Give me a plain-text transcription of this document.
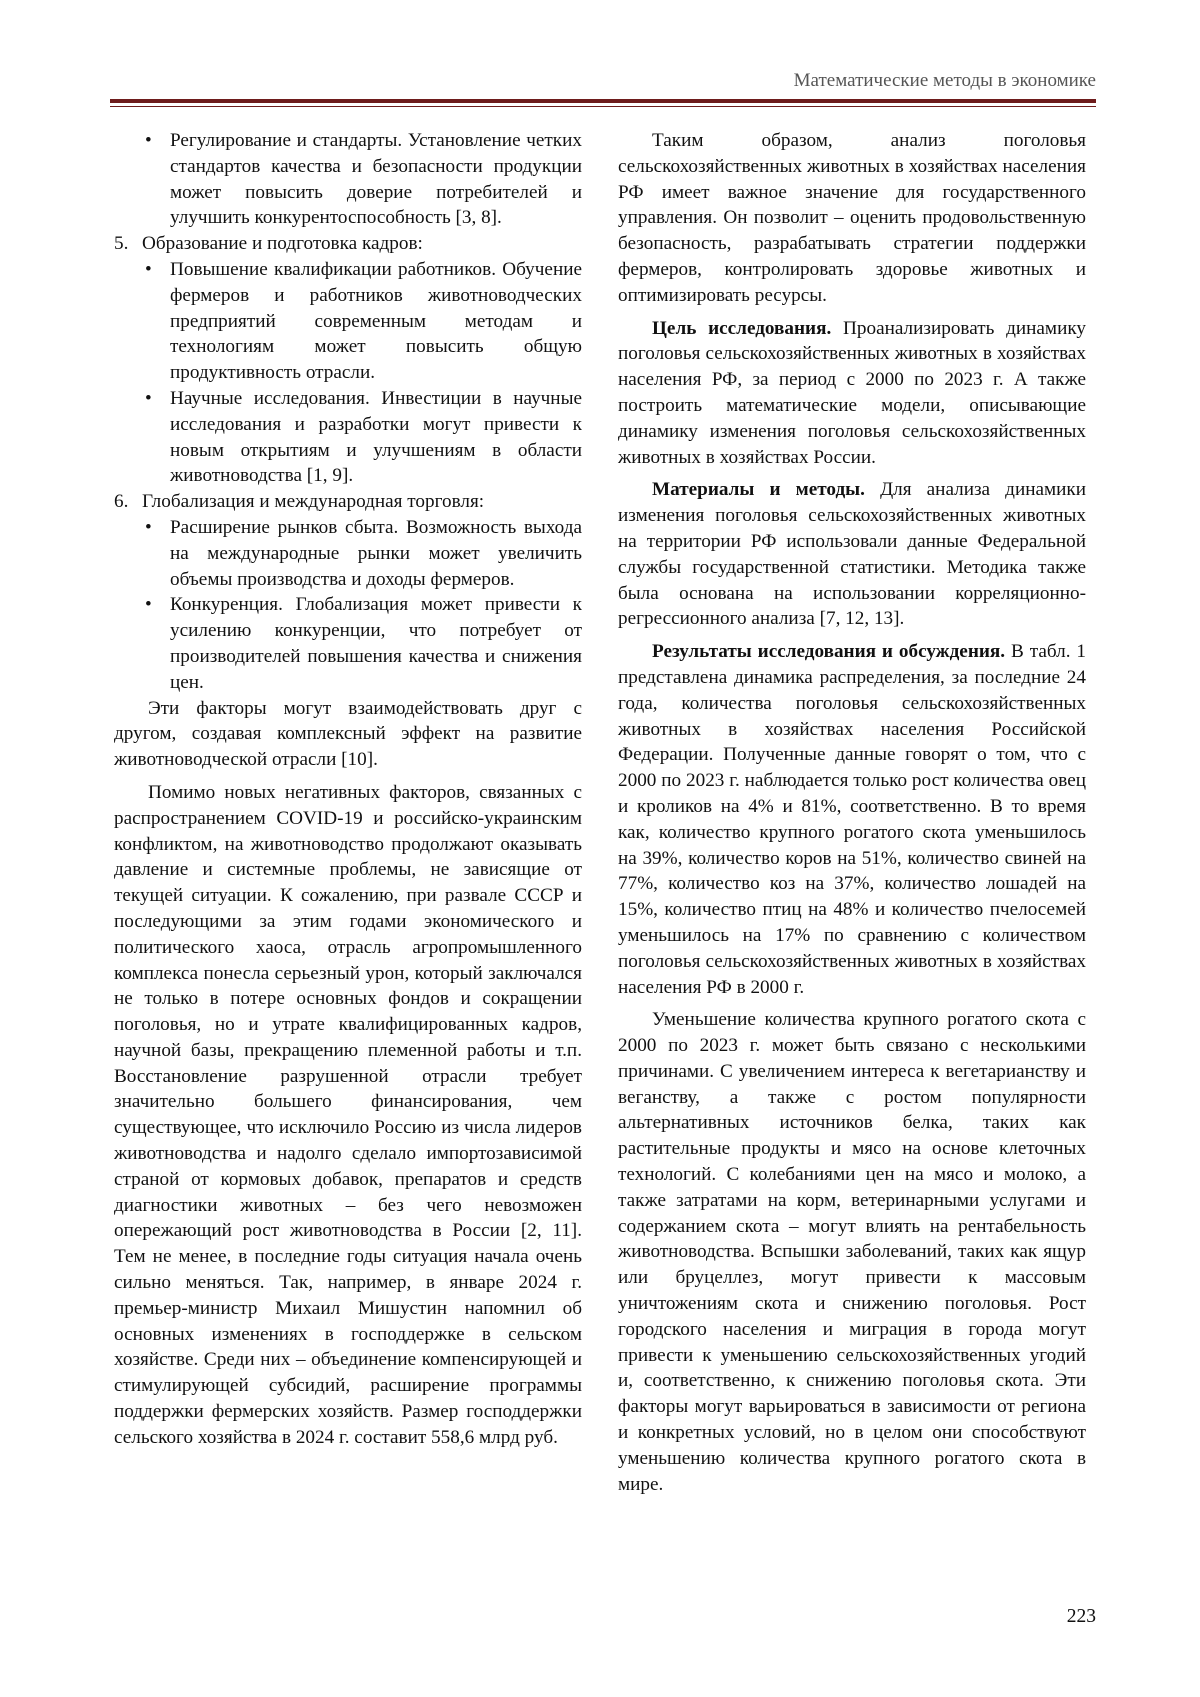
Математические методы в экономике
• Регулирование и стандарты. Установление четких стандартов качества и безопасности продукции может повысить доверие потребителей и улучшить конкурентоспособность [3, 8].
5. Образование и подготовка кадров:
• Повышение квалификации работников. Обучение фермеров и работников животноводческих предприятий современным методам и технологиям может повысить общую продуктивность отрасли.
• Научные исследования. Инвестиции в научные исследования и разработки могут привести к новым открытиям и улучшениям в области животноводства [1, 9].
6. Глобализация и международная торговля:
• Расширение рынков сбыта. Возможность выхода на международные рынки может увеличить объемы производства и доходы фермеров.
• Конкуренция. Глобализация может привести к усилению конкуренции, что потребует от производителей повышения качества и снижения цен.

Эти факторы могут взаимодействовать друг с другом, создавая комплексный эффект на развитие животноводческой отрасли [10].

Помимо новых негативных факторов, связанных с распространением COVID-19 и российско-украинским конфликтом, на животноводство продолжают оказывать давление и системные проблемы, не зависящие от текущей ситуации. К сожалению, при развале СССР и последующими за этим годами экономического и политического хаоса, отрасль агропромышленного комплекса понесла серьезный урон, который заключался не только в потере основных фондов и сокращении поголовья, но и утрате квалифицированных кадров, научной базы, прекращению племенной работы и т.п. Восстановление разрушенной отрасли требует значительно большего финансирования, чем существующее, что исключило Россию из числа лидеров животноводства и надолго сделало импортозависимой страной от кормовых добавок, препаратов и средств диагностики животных – без чего невозможен опережающий рост животноводства в России [2, 11]. Тем не менее, в последние годы ситуация начала очень сильно меняться. Так, например, в январе 2024 г. премьер-министр Михаил Мишустин напомнил об основных изменениях в господдержке в сельском хозяйстве. Среди них – объединение компенсирующей и стимулирующей субсидий, расширение программы поддержки фермерских хозяйств. Размер господдержки сельского хозяйства в 2024 г. составит 558,6 млрд руб.

Таким образом, анализ поголовья сельскохозяйственных животных в хозяйствах населения РФ имеет важное значение для государственного управления. Он позволит – оценить продовольственную безопасность, разрабатывать стратегии поддержки фермеров, контролировать здоровье животных и оптимизировать ресурсы.

Цель исследования. Проанализировать динамику поголовья сельскохозяйственных животных в хозяйствах населения РФ, за период с 2000 по 2023 г. А также построить математические модели, описывающие динамику изменения поголовья сельскохозяйственных животных в хозяйствах России.

Материалы и методы. Для анализа динамики изменения поголовья сельскохозяйственных животных на территории РФ использовали данные Федеральной службы государственной статистики. Методика также была основана на использовании корреляционно-регрессионного анализа [7, 12, 13].

Результаты исследования и обсуждения. В табл. 1 представлена динамика распределения, за последние 24 года, количества поголовья сельскохозяйственных животных в хозяйствах населения Российской Федерации. Полученные данные говорят о том, что с 2000 по 2023 г. наблюдается только рост количества овец и кроликов на 4% и 81%, соответственно. В то время как, количество крупного рогатого скота уменьшилось на 39%, количество коров на 51%, количество свиней на 77%, количество коз на 37%, количество лошадей на 15%, количество птиц на 48% и количество пчелосемей уменьшилось на 17% по сравнению с количеством поголовья сельскохозяйственных животных в хозяйствах населения РФ в 2000 г.

Уменьшение количества крупного рогатого скота с 2000 по 2023 г. может быть связано с несколькими причинами. С увеличением интереса к вегетарианству и веганству, а также с ростом популярности альтернативных источников белка, таких как растительные продукты и мясо на основе клеточных технологий. С колебаниями цен на мясо и молоко, а также затратами на корм, ветеринарными услугами и содержанием скота – могут влиять на рентабельность животноводства. Вспышки заболеваний, таких как ящур или бруцеллез, могут привести к массовым уничтожениям скота и снижению поголовья. Рост городского населения и миграция в города могут привести к уменьшению сельскохозяйственных угодий и, соответственно, к снижению поголовья скота. Эти факторы могут варьироваться в зависимости от региона и конкретных условий, но в целом они способствуют уменьшению количества крупного рогатого скота в мире.

223
